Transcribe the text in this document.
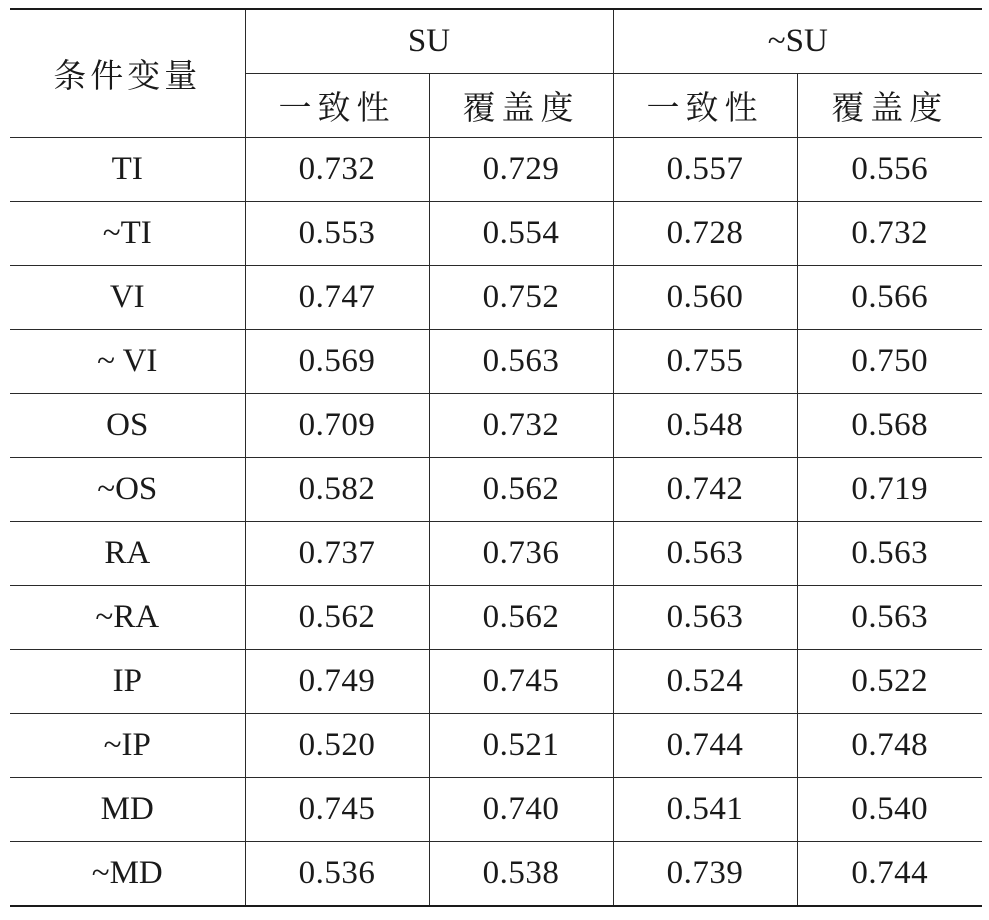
条件变量	SU		~SU	
	一致性	覆盖度	一致性	覆盖度
TI	0.732	0.729	0.557	0.556
~TI	0.553	0.554	0.728	0.732
VI	0.747	0.752	0.560	0.566
~ VI	0.569	0.563	0.755	0.750
OS	0.709	0.732	0.548	0.568
~OS	0.582	0.562	0.742	0.719
RA	0.737	0.736	0.563	0.563
~RA	0.562	0.562	0.563	0.563
IP	0.749	0.745	0.524	0.522
~IP	0.520	0.521	0.744	0.748
MD	0.745	0.740	0.541	0.540
~MD	0.536	0.538	0.739	0.744
